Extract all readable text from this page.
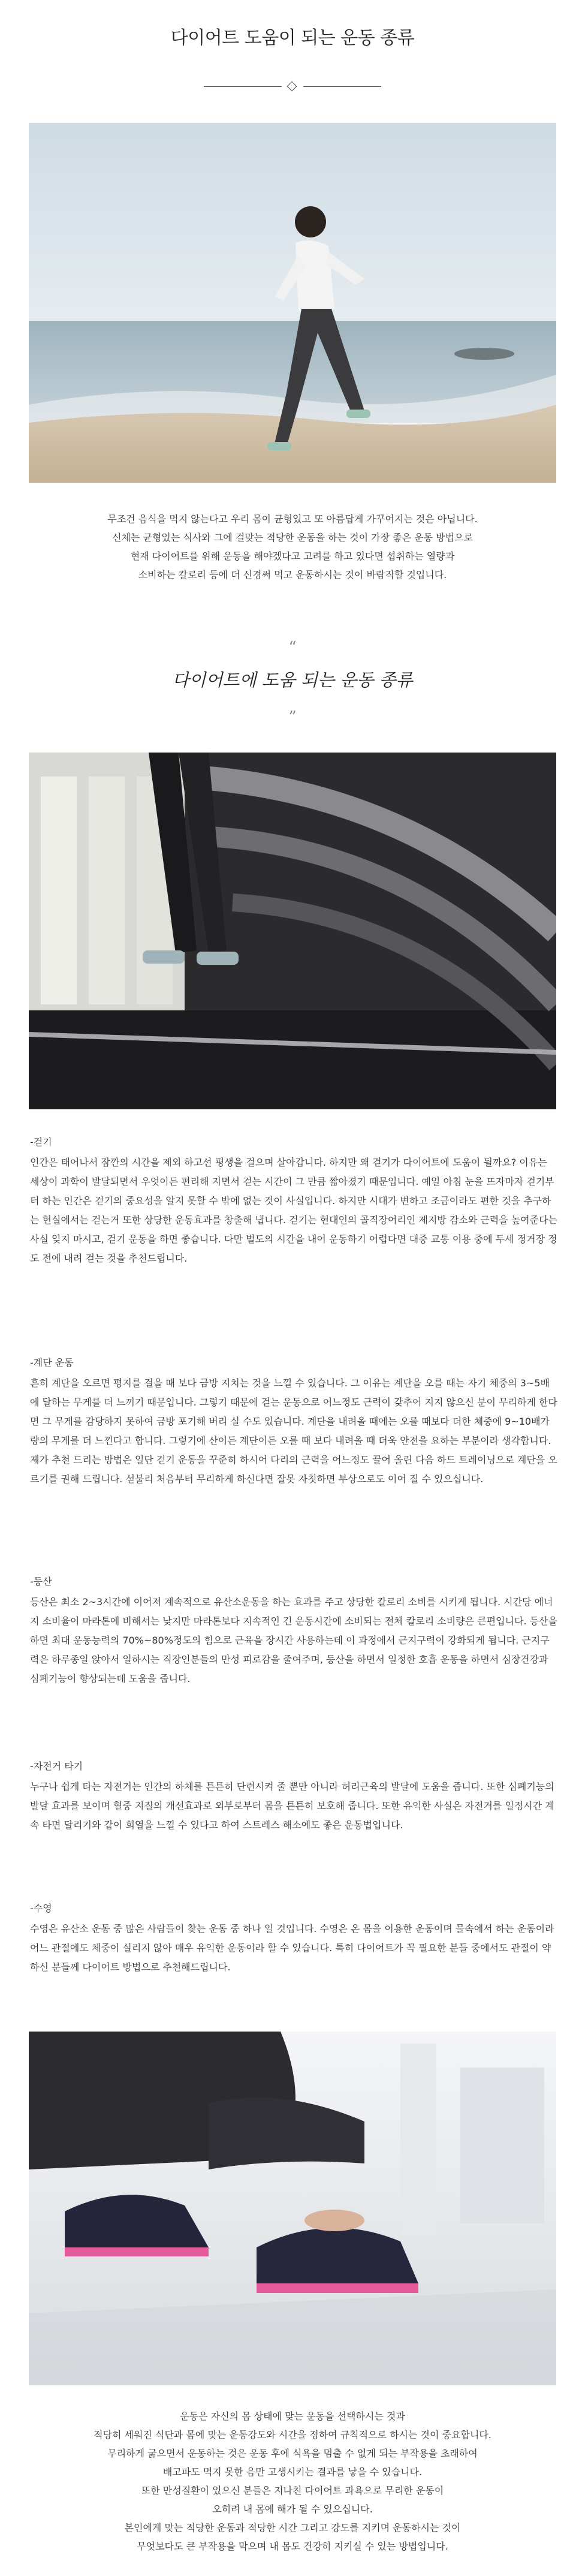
다이어트 도움이 되는 운동 종류

무조건 음식을 먹지 않는다고 우리 몸이 균형있고 또 아름답게 가꾸어지는 것은 아닙니다.

신체는 균형있는 식사와 그에 걸맞는 적당한 운동을 하는 것이 가장 좋은 운동 방법으로

현재 다이어트를 위해 운동을 해야겠다고 고려를 하고 있다면 섭취하는 열량과

소비하는 칼로리 등에 더 신경써 먹고 운동하시는 것이 바람직할 것입니다.

“
다이어트에 도움 되는 운동 종류
”
-걷기

인간은 태어나서 잠깐의 시간을 제외 하고선 평생을 걸으며 살아갑니다. 하지만 왜 걷기가 다이어트에 도움이 될까요? 이유는 세상이 과학이 발달되면서 우엇이든 편리해 지면서 걷는 시간이 그 만큼 짧아졌기 때문입니다. 예일 아침 눈을 뜨자마자 걷기부터 하는 인간은 걷기의 중요성을 알지 못할 수 밖에 없는 것이 사실입니다. 하지만 시대가 변하고 조금이라도 편한 것을 추구하는 현실에서는 걷는거 또한 상당한 운동효과를 창출해 냅니다. 걷기는 현대인의 골직장어리인 제지방 감소와 근력을 높여준다는 사실 잊지 마시고, 걷기 운동을 하면 좋습니다. 다만 별도의 시간을 내어 운동하기 어렵다면 대중 교통 이용 중에 두세 정거장 정도 전에 내려 걷는 것을 추천드립니다.

-계단 운동

흔히 계단을 오르면 평지를 걸을 때 보다 금방 지치는 것을 느낄 수 있습니다. 그 이유는 계단을 오를 때는 자기 체중의 3~5배에 달하는 무게를 더 느끼기 때문입니다. 그렇기 때문에 걷는 운동으로 어느정도 근력이 갖추어 지지 않으신 분이 무리하게 한다면 그 무게를 감당하지 못하여 금방 포기해 버리 실 수도 있습니다. 계단을 내려올 때에는 오를 때보다 더한 체중에 9~10배가량의 무게를 더 느낀다고 합니다. 그렇기에 산이든 계단이든 오를 때 보다 내려올 때 더욱 안전을 요하는 부분이라 생각합니다. 제가 추천 드리는 방법은 일단 걷기 운동을 꾸준히 하시어 다리의 근력을 어느정도 끌어 올린 다음 하드 트레이닝으로 계단을 오르기를 권해 드립니다. 섣불리 처음부터 무리하게 하신다면 잘못 자칫하면 부상으로도 이어 질 수 있으십니다.

-등산

등산은 최소 2~3시간에 이어져 계속적으로 유산소운동을 하는 효과를 주고 상당한 칼로리 소비를 시키게 됩니다. 시간당 에너지 소비율이 마라톤에 비해서는 낮지만 마라톤보다 지속적인 긴 운동시간에 소비되는 전체 칼로리 소비량은 큰편입니다. 등산을 하면 최대 운동능력의 70%~80%정도의 힘으로 근육을 장시간 사용하는데 이 과정에서 근지구력이 강화되게 됩니다. 근지구력은 하루종일 앉아서 일하시는 직장인분들의 만성 피로감을 줄여주며, 등산을 하면서 일정한 호흡 운동을 하면서 심장건강과 심폐기능이 향상되는데 도움을 줍니다.

-자전거 타기

누구나 쉽게 타는 자전거는 인간의 하체를 튼튼히 단련시켜 줄 뿐만 아니라 허리근육의 발달에 도움을 줍니다. 또한 심폐기능의 발달 효과를 보이며 혈중 지질의 개선효과로 외부로부터 몸을 튼튼히 보호해 줍니다. 또한 유익한 사실은 자전거를 일정시간 계속 타면 달리기와 같이 희열을 느낄 수 있다고 하여 스트레스 해소에도 좋은 운동법입니다.

-수영

수영은 유산소 운동 중 많은 사람들이 찾는 운동 중 하나 일 것입니다. 수영은 온 몸을 이용한 운동이며 물속에서 하는 운동이라 어느 관절에도 체중이 실리지 않아 매우 유익한 운동이라 할 수 있습니다. 특히 다이어트가 꼭 필요한 분들 중에서도 관절이 약하신 분들께 다이어트 방법으로 추천해드립니다.

운동은 자신의 몸 상태에 맞는 운동을 선택하시는 것과

적당히 세워진 식단과 몸에 맞는 운동강도와 시간을 정하여 규칙적으로 하시는 것이 중요합니다.

무리하게 굶으면서 운동하는 것은 운동 후에 식욕을 멈출 수 없게 되는 부작용을 초래하여

배고파도 먹지 못한 음만 고생시키는 결과를 낳을 수 있습니다.

또한 만성질환이 있으신 분들은 지나친 다이어트 과욕으로 무리한 운동이

오히려 내 몸에 해가 될 수 있으십니다.

본인에게 맞는 적당한 운동과 적당한 시간 그리고 강도를 지키며 운동하시는 것이

무엇보다도 큰 부작용을 막으며 내 몸도 건강히 지키실 수 있는 방법입니다.
